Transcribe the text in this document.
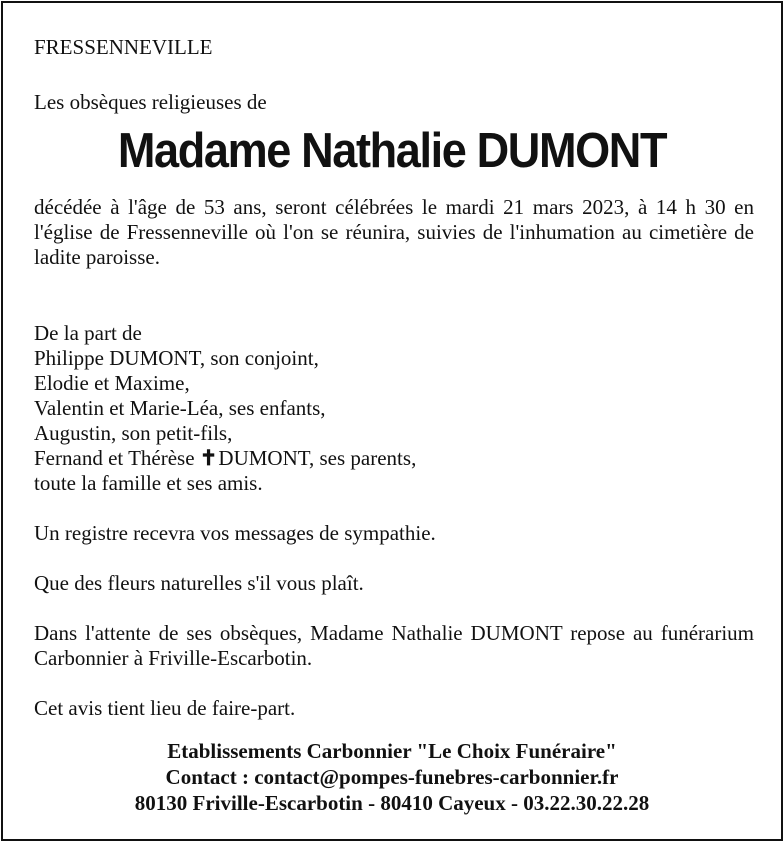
FRESSENNEVILLE
Les obsèques religieuses de
Madame Nathalie DUMONT
décédée à l'âge de 53 ans, seront célébrées le mardi 21 mars 2023, à 14 h 30 en l'église de Fressenneville où l'on se réunira, suivies de l'inhumation au cimetière de ladite paroisse.
De la part de
Philippe DUMONT, son conjoint,
Elodie et Maxime,
Valentin et Marie-Léa, ses enfants,
Augustin, son petit-fils,
Fernand et Thérèse ✝DUMONT, ses parents,
toute la famille et ses amis.
Un registre recevra vos messages de sympathie.
Que des fleurs naturelles s'il vous plaît.
Dans l'attente de ses obsèques, Madame Nathalie DUMONT repose au funérarium Carbonnier à Friville-Escarbotin.
Cet avis tient lieu de faire-part.
Etablissements Carbonnier "Le Choix Funéraire"
Contact : contact@pompes-funebres-carbonnier.fr
80130 Friville-Escarbotin - 80410 Cayeux - 03.22.30.22.28
